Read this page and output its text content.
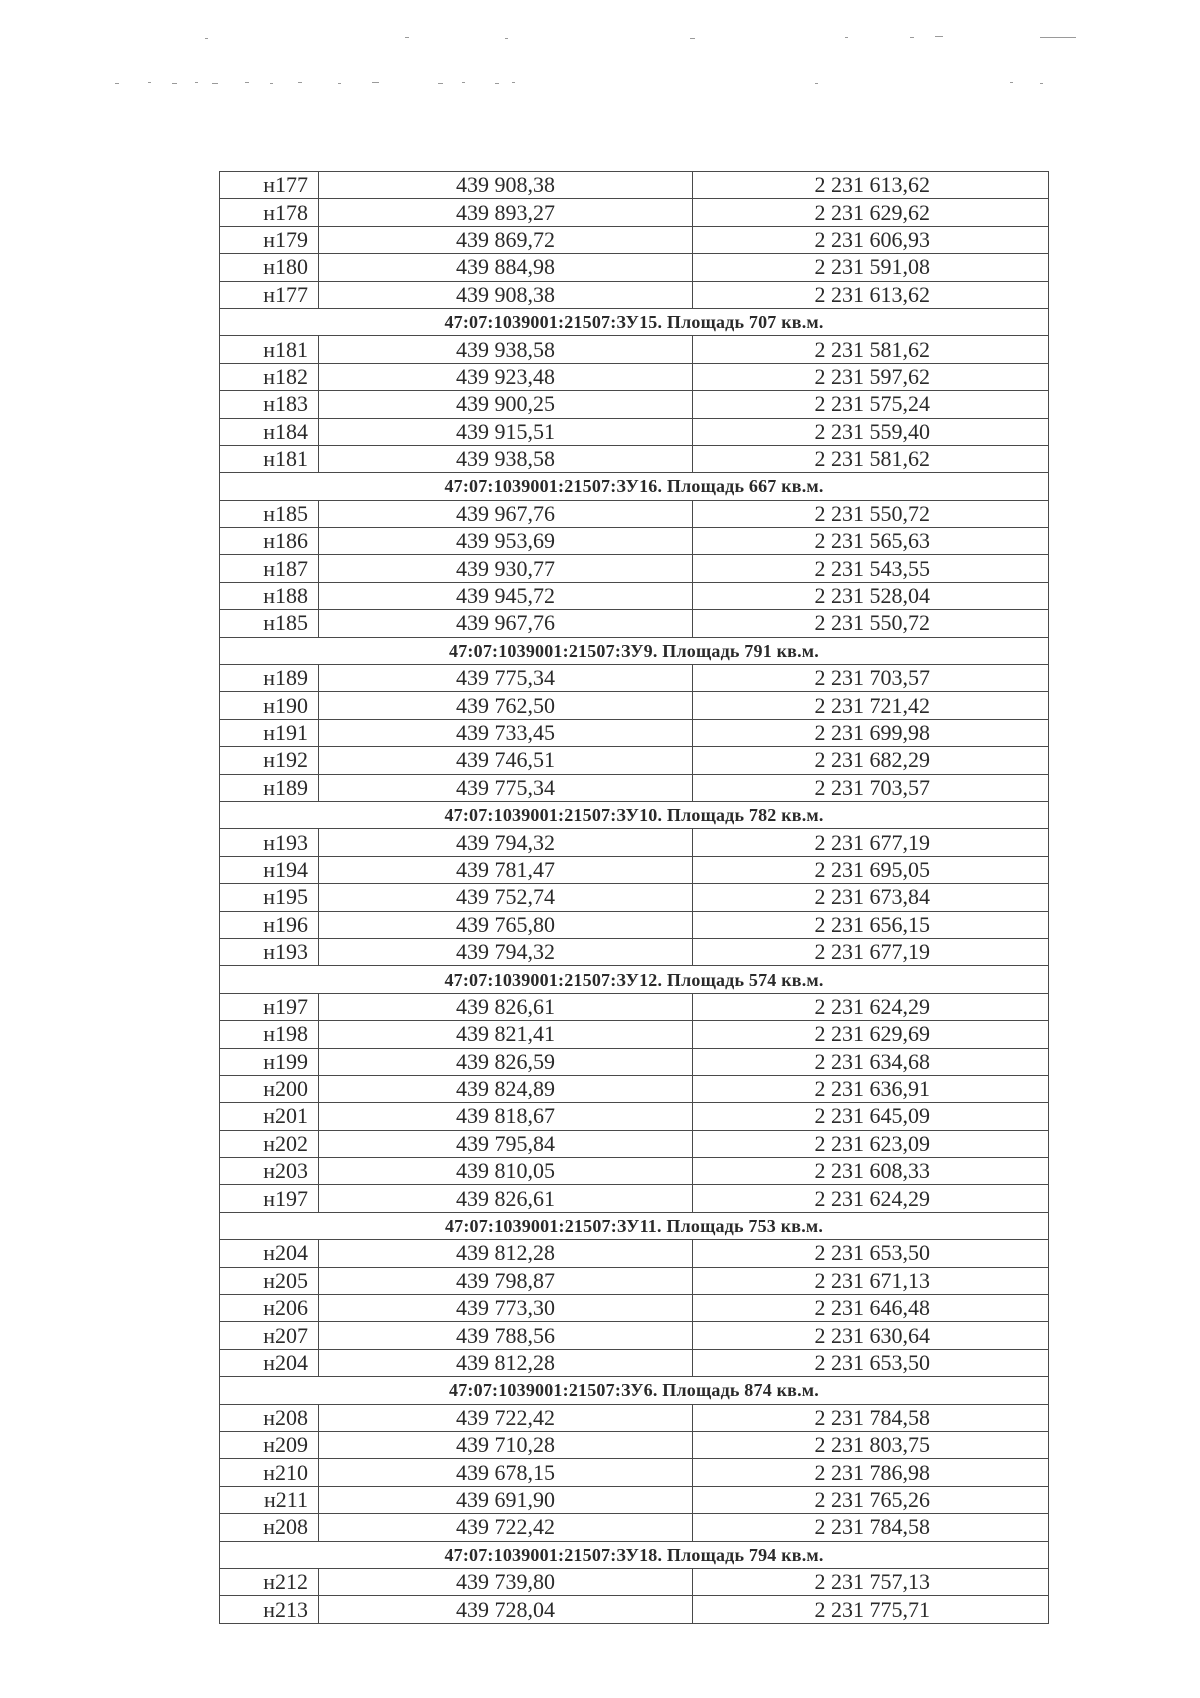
н177	439 908,38	2 231 613,62
н178	439 893,27	2 231 629,62
н179	439 869,72	2 231 606,93
н180	439 884,98	2 231 591,08
н177	439 908,38	2 231 613,62
47:07:1039001:21507:ЗУ15. Площадь 707 кв.м.		
н181	439 938,58	2 231 581,62
н182	439 923,48	2 231 597,62
н183	439 900,25	2 231 575,24
н184	439 915,51	2 231 559,40
н181	439 938,58	2 231 581,62
47:07:1039001:21507:ЗУ16. Площадь 667 кв.м.		
н185	439 967,76	2 231 550,72
н186	439 953,69	2 231 565,63
н187	439 930,77	2 231 543,55
н188	439 945,72	2 231 528,04
н185	439 967,76	2 231 550,72
47:07:1039001:21507:ЗУ9. Площадь 791 кв.м.		
н189	439 775,34	2 231 703,57
н190	439 762,50	2 231 721,42
н191	439 733,45	2 231 699,98
н192	439 746,51	2 231 682,29
н189	439 775,34	2 231 703,57
47:07:1039001:21507:ЗУ10. Площадь 782 кв.м.		
н193	439 794,32	2 231 677,19
н194	439 781,47	2 231 695,05
н195	439 752,74	2 231 673,84
н196	439 765,80	2 231 656,15
н193	439 794,32	2 231 677,19
47:07:1039001:21507:ЗУ12. Площадь 574 кв.м.		
н197	439 826,61	2 231 624,29
н198	439 821,41	2 231 629,69
н199	439 826,59	2 231 634,68
н200	439 824,89	2 231 636,91
н201	439 818,67	2 231 645,09
н202	439 795,84	2 231 623,09
н203	439 810,05	2 231 608,33
н197	439 826,61	2 231 624,29
47:07:1039001:21507:ЗУ11. Площадь 753 кв.м.		
н204	439 812,28	2 231 653,50
н205	439 798,87	2 231 671,13
н206	439 773,30	2 231 646,48
н207	439 788,56	2 231 630,64
н204	439 812,28	2 231 653,50
47:07:1039001:21507:ЗУ6. Площадь 874 кв.м.		
н208	439 722,42	2 231 784,58
н209	439 710,28	2 231 803,75
н210	439 678,15	2 231 786,98
н211	439 691,90	2 231 765,26
н208	439 722,42	2 231 784,58
47:07:1039001:21507:ЗУ18. Площадь 794 кв.м.		
н212	439 739,80	2 231 757,13
н213	439 728,04	2 231 775,71
